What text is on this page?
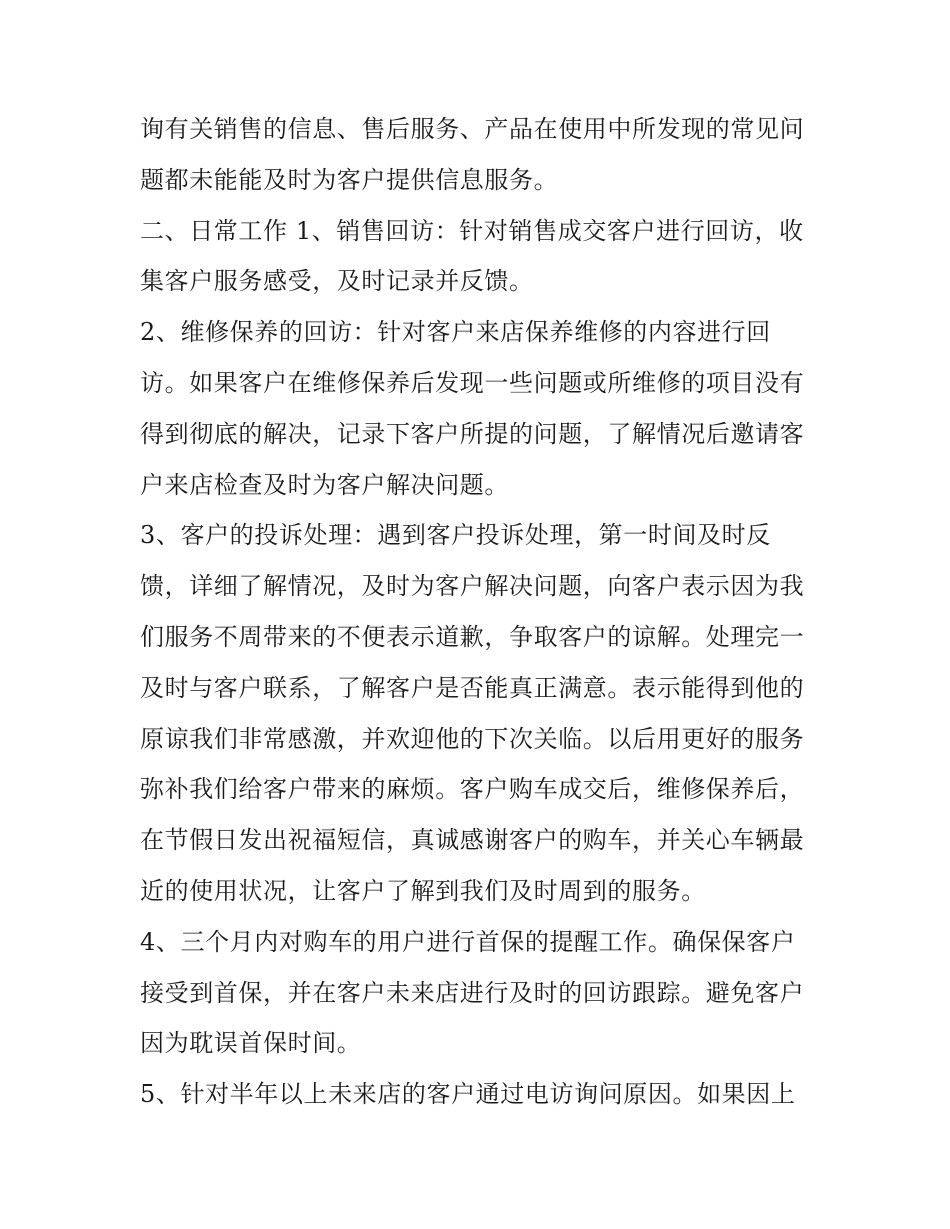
询有关销售的信息、售后服务、产品在使用中所发现的常见问
题都未能能及时为客户提供信息服务。
二、日常工作 1、销售回访：针对销售成交客户进行回访，收
集客户服务感受，及时记录并反馈。
2、维修保养的回访：针对客户来店保养维修的内容进行回
访。如果客户在维修保养后发现一些问题或所维修的项目没有
得到彻底的解决，记录下客户所提的问题，了解情况后邀请客
户来店检查及时为客户解决问题。
3、客户的投诉处理：遇到客户投诉处理，第一时间及时反
馈，详细了解情况，及时为客户解决问题，向客户表示因为我
们服务不周带来的不便表示道歉，争取客户的谅解。处理完一
及时与客户联系，了解客户是否能真正满意。表示能得到他的
原谅我们非常感激，并欢迎他的下次关临。以后用更好的服务
弥补我们给客户带来的麻烦。客户购车成交后，维修保养后，
在节假日发出祝福短信，真诚感谢客户的购车，并关心车辆最
近的使用状况，让客户了解到我们及时周到的服务。
4、三个月内对购车的用户进行首保的提醒工作。确保保客户
接受到首保，并在客户未来店进行及时的回访跟踪。避免客户
因为耽误首保时间。
5、针对半年以上未来店的客户通过电访询问原因。如果因上
